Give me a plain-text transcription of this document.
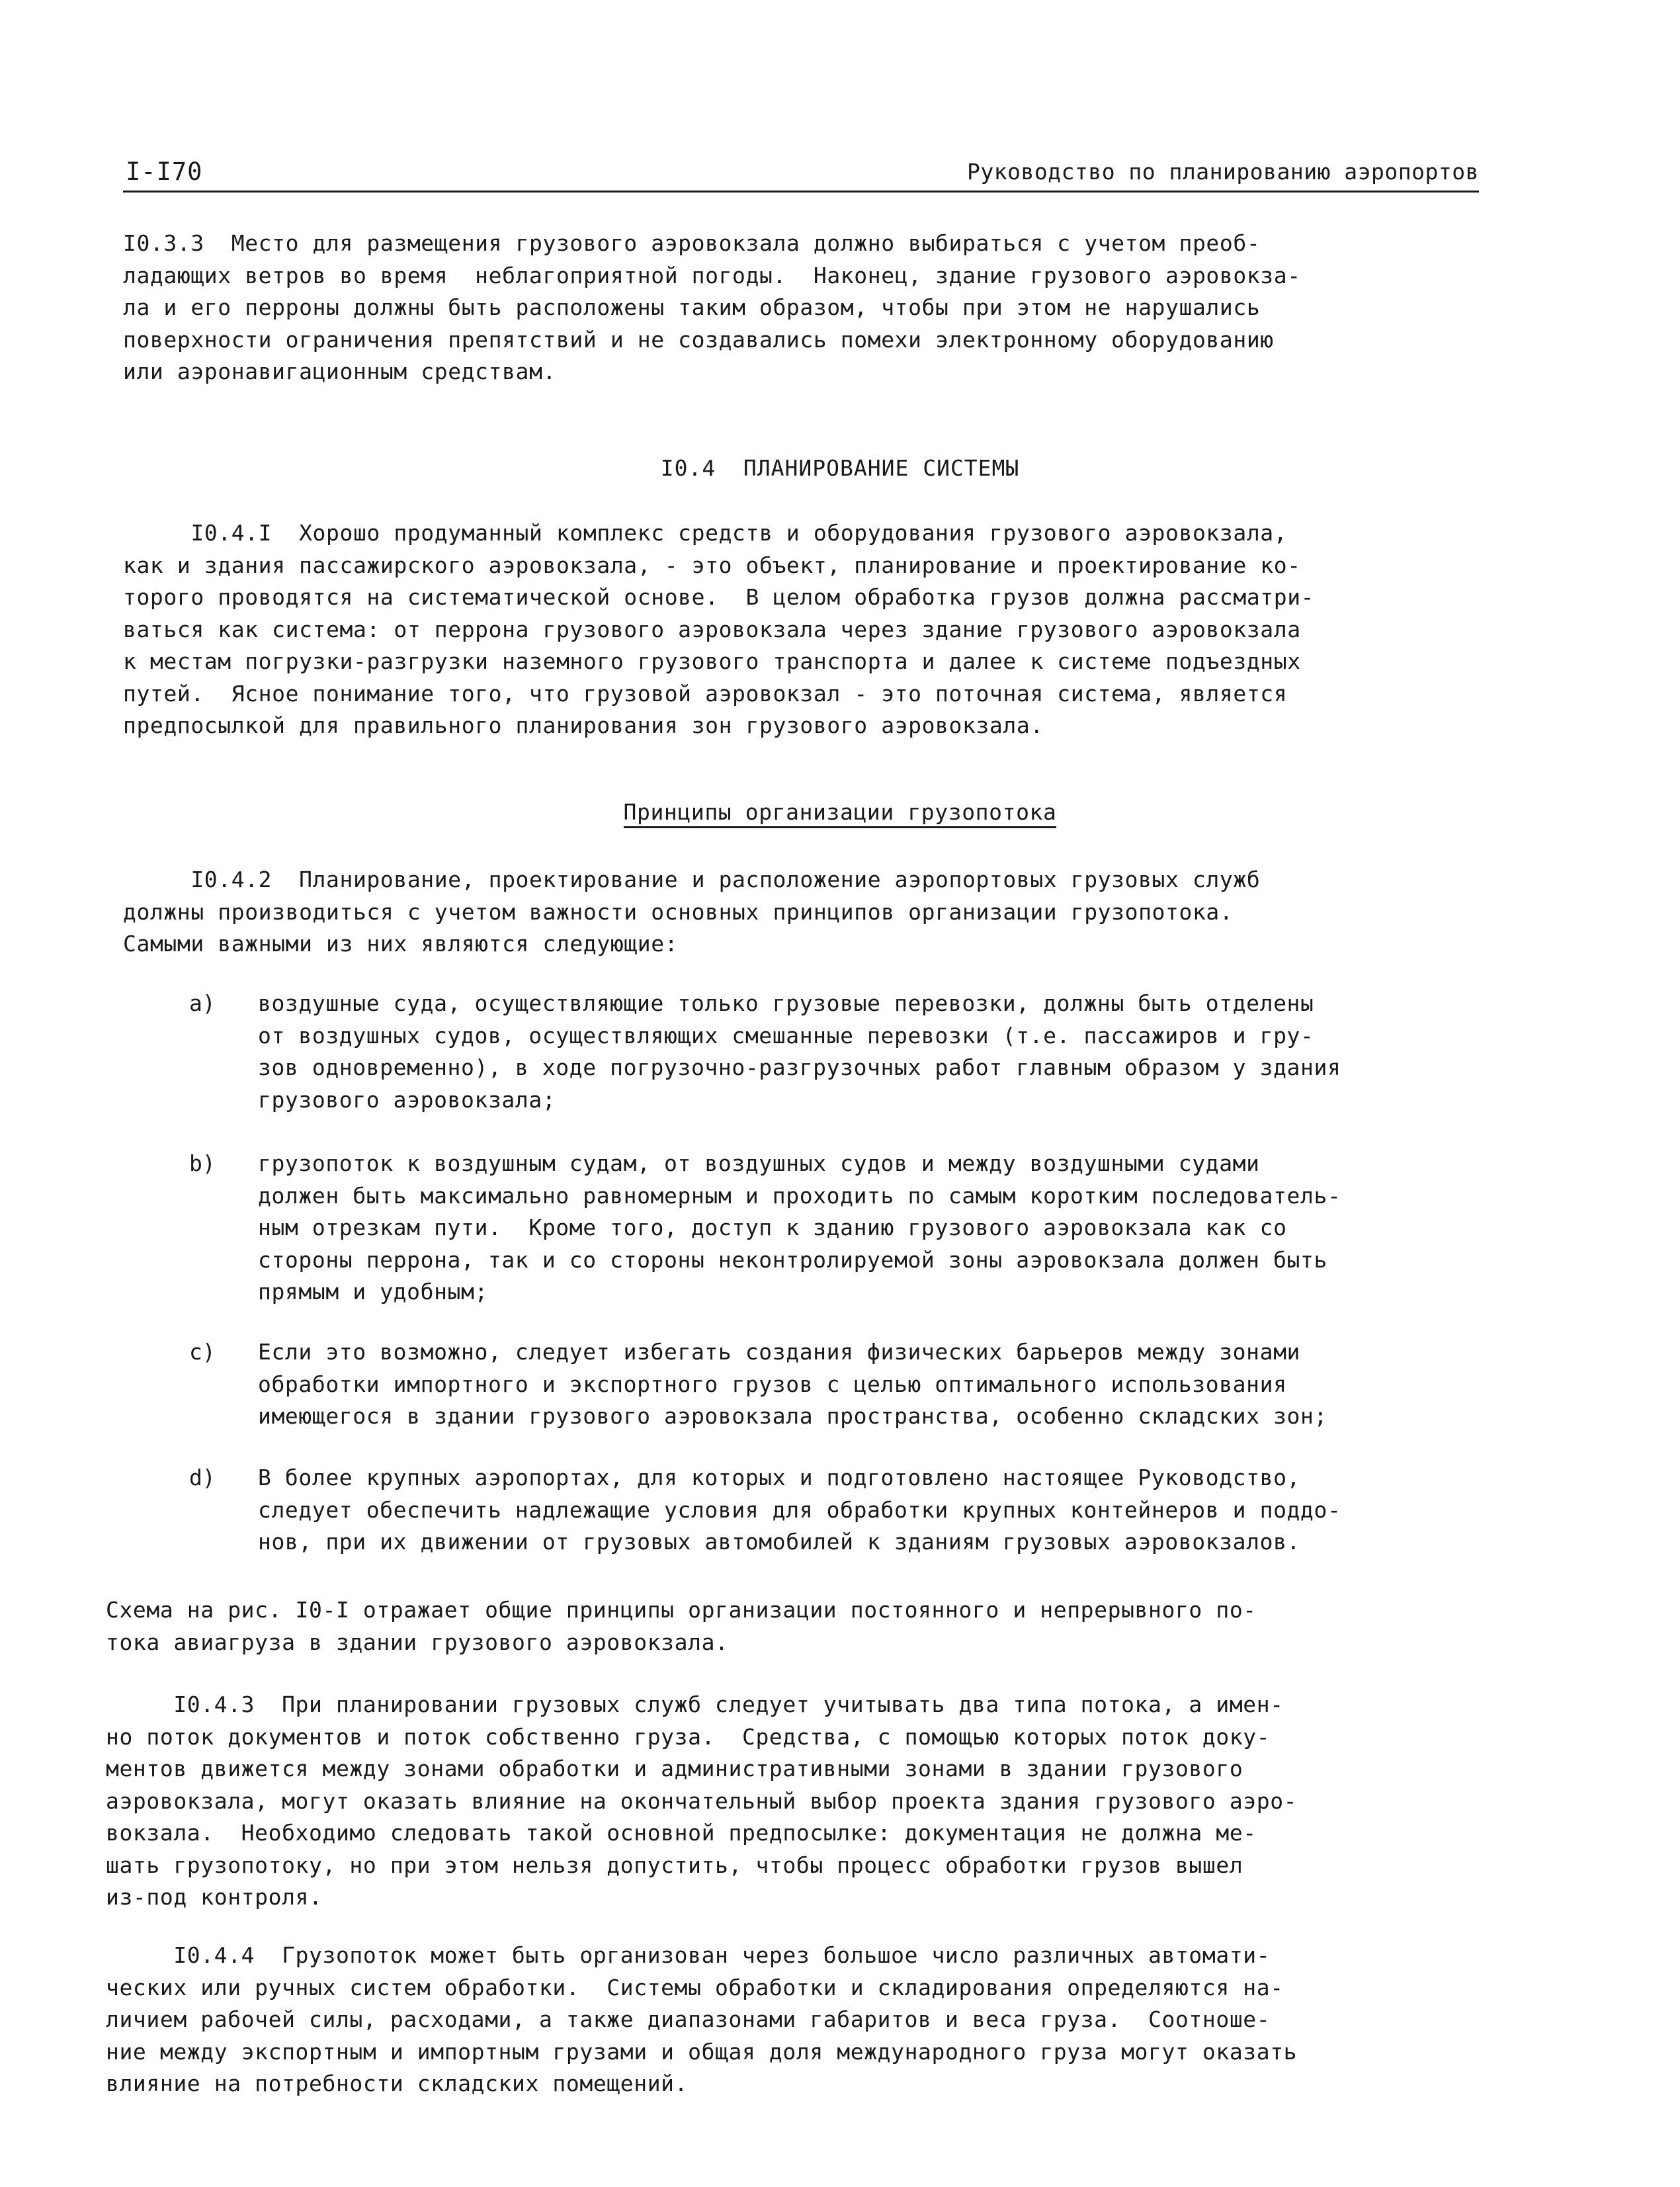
I-I70	Руководство по планированию аэропортов
I0.3.3  Место для размещения грузового аэровокзала должно выбираться с учетом преоб-
ладающих ветров во время  неблагоприятной погоды.  Наконец, здание грузового аэровокза-
ла и его перроны должны быть расположены таким образом, чтобы при этом не нарушались
поверхности ограничения препятствий и не создавались помехи электронному оборудованию
или аэронавигационным средствам.
I0.4  ПЛАНИРОВАНИЕ СИСТЕМЫ
I0.4.I  Хорошо продуманный комплекс средств и оборудования грузового аэровокзала,
как и здания пассажирского аэровокзала, - это объект, планирование и проектирование ко-
торого проводятся на систематической основе.  В целом обработка грузов должна рассматри-
ваться как система: от перрона грузового аэровокзала через здание грузового аэровокзала
к местам погрузки-разгрузки наземного грузового транспорта и далее к системе подъездных
путей.  Ясное понимание того, что грузовой аэровокзал - это поточная система, является
предпосылкой для правильного планирования зон грузового аэровокзала.
Принципы организации грузопотока
I0.4.2  Планирование, проектирование и расположение аэропортовых грузовых служб
должны производиться с учетом важности основных принципов организации грузопотока.
Самыми важными из них являются следующие:
a) воздушные суда, осуществляющие только грузовые перевозки, должны быть отделены
от воздушных судов, осуществляющих смешанные перевозки (т.е. пассажиров и гру-
зов одновременно), в ходе погрузочно-разгрузочных работ главным образом у здания
грузового аэровокзала;
b) грузопоток к воздушным судам, от воздушных судов и между воздушными судами
должен быть максимально равномерным и проходить по самым коротким последователь-
ным отрезкам пути.  Кроме того, доступ к зданию грузового аэровокзала как со
стороны перрона, так и со стороны неконтролируемой зоны аэровокзала должен быть
прямым и удобным;
c) Если это возможно, следует избегать создания физических барьеров между зонами
обработки импортного и экспортного грузов с целью оптимального использования
имеющегося в здании грузового аэровокзала пространства, особенно складских зон;
d) В более крупных аэропортах, для которых и подготовлено настоящее Руководство,
следует обеспечить надлежащие условия для обработки крупных контейнеров и поддо-
нов, при их движении от грузовых автомобилей к зданиям грузовых аэровокзалов.
Схема на рис. I0-I отражает общие принципы организации постоянного и непрерывного по-
тока авиагруза в здании грузового аэровокзала.
I0.4.3  При планировании грузовых служб следует учитывать два типа потока, а имен-
но поток документов и поток собственно груза.  Средства, с помощью которых поток доку-
ментов движется между зонами обработки и административными зонами в здании грузового
аэровокзала, могут оказать влияние на окончательный выбор проекта здания грузового аэро-
вокзала.  Необходимо следовать такой основной предпосылке: документация не должна ме-
шать грузопотоку, но при этом нельзя допустить, чтобы процесс обработки грузов вышел
из-под контроля.
I0.4.4  Грузопоток может быть организован через большое число различных автомати-
ческих или ручных систем обработки.  Системы обработки и складирования определяются на-
личием рабочей силы, расходами, а также диапазонами габаритов и веса груза.  Соотноше-
ние между экспортным и импортным грузами и общая доля международного груза могут оказать
влияние на потребности складских помещений.
